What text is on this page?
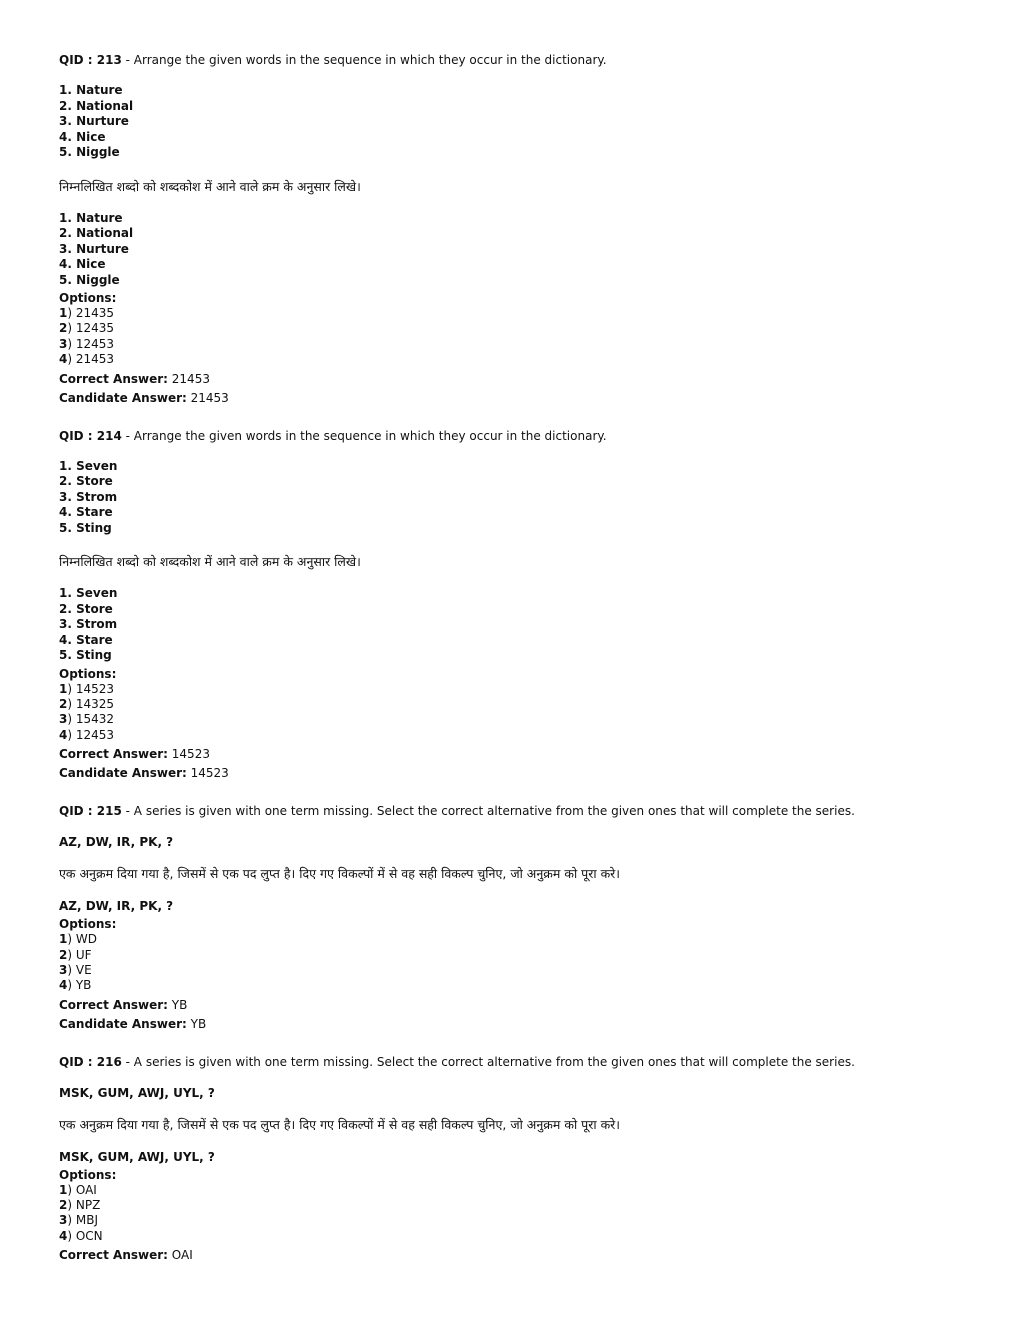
QID : 213 - Arrange the given words in the sequence in which they occur in the dictionary.
1. Nature
2. National
3. Nurture
4. Nice
5. Niggle
निम्नलिखित शब्दो को शब्दकोश में आने वाले क्रम के अनुसार लिखे।
1. Nature
2. National
3. Nurture
4. Nice
5. Niggle
Options:
1) 21435
2) 12435
3) 12453
4) 21453
Correct Answer: 21453
Candidate Answer: 21453
QID : 214 - Arrange the given words in the sequence in which they occur in the dictionary.
1. Seven
2. Store
3. Strom
4. Stare
5. Sting
निम्नलिखित शब्दो को शब्दकोश में आने वाले क्रम के अनुसार लिखे।
1. Seven
2. Store
3. Strom
4. Stare
5. Sting
Options:
1) 14523
2) 14325
3) 15432
4) 12453
Correct Answer: 14523
Candidate Answer: 14523
QID : 215 - A series is given with one term missing. Select the correct alternative from the given ones that will complete the series.
AZ, DW, IR, PK, ?
एक अनुक्रम दिया गया है, जिसमें से एक पद लुप्त है। दिए गए विकल्पों में से वह सही विकल्प चुनिए, जो अनुक्रम को पूरा करे।
AZ, DW, IR, PK, ?
Options:
1) WD
2) UF
3) VE
4) YB
Correct Answer: YB
Candidate Answer: YB
QID : 216 - A series is given with one term missing. Select the correct alternative from the given ones that will complete the series.
MSK, GUM, AWJ, UYL, ?
एक अनुक्रम दिया गया है, जिसमें से एक पद लुप्त है। दिए गए विकल्पों में से वह सही विकल्प चुनिए, जो अनुक्रम को पूरा करे।
MSK, GUM, AWJ, UYL, ?
Options:
1) OAI
2) NPZ
3) MBJ
4) OCN
Correct Answer: OAI
